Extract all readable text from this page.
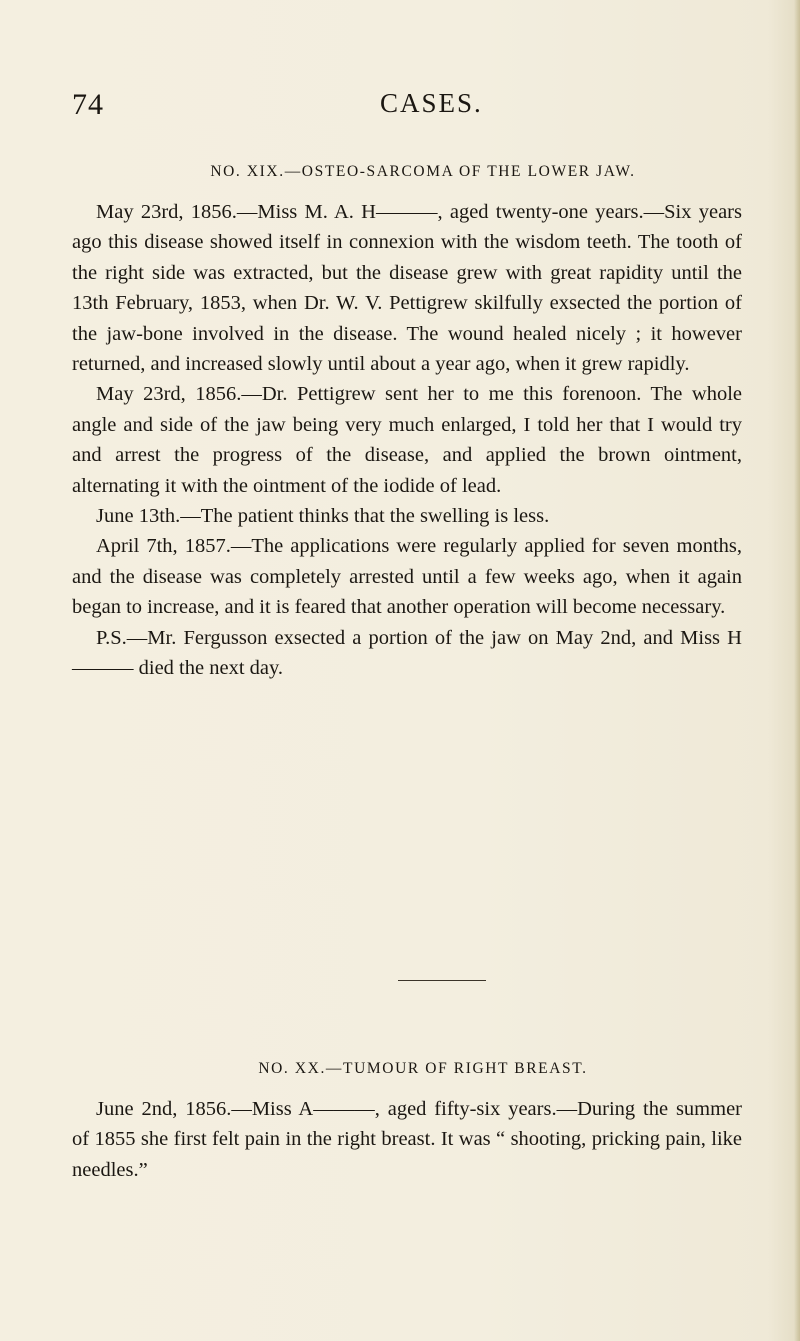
74	CASES.
NO. XIX.—OSTEO-SARCOMA OF THE LOWER JAW.

May 23rd, 1856.—Miss M. A. H———, aged twenty-one years.—Six years ago this disease showed itself in connexion with the wisdom teeth. The tooth of the right side was extracted, but the disease grew with great rapidity until the 13th February, 1853, when Dr. W. V. Pettigrew skilfully exsected the portion of the jaw-bone involved in the disease. The wound healed nicely ; it however returned, and increased slowly until about a year ago, when it grew rapidly.

May 23rd, 1856.—Dr. Pettigrew sent her to me this forenoon. The whole angle and side of the jaw being very much enlarged, I told her that I would try and arrest the progress of the disease, and applied the brown ointment, alternating it with the ointment of the iodide of lead.

June 13th.—The patient thinks that the swelling is less.

April 7th, 1857.—The applications were regularly applied for seven months, and the disease was completely arrested until a few weeks ago, when it again began to increase, and it is feared that another operation will become necessary.

P.S.—Mr. Fergusson exsected a portion of the jaw on May 2nd, and Miss H——— died the next day.

NO. XX.—TUMOUR OF RIGHT BREAST.

June 2nd, 1856.—Miss A———, aged fifty-six years.—During the summer of 1855 she first felt pain in the right breast. It was “ shooting, pricking pain, like needles.”
